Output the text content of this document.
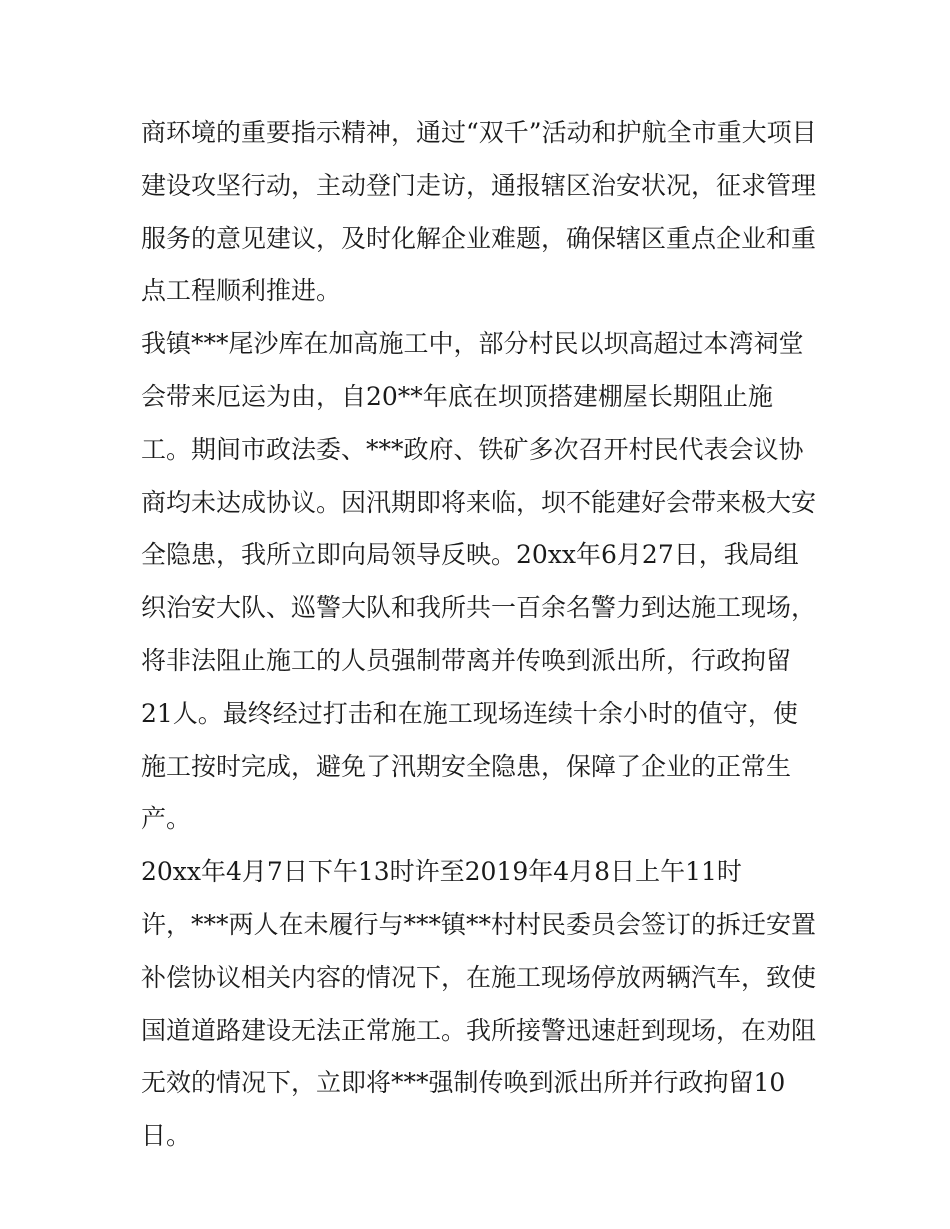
商环境的重要指示精神，通过“双千”活动和护航全市重大项目
建设攻坚行动，主动登门走访，通报辖区治安状况，征求管理
服务的意见建议，及时化解企业难题，确保辖区重点企业和重
点工程顺利推进。
我镇***尾沙库在加高施工中，部分村民以坝高超过本湾祠堂
会带来厄运为由，自20**年底在坝顶搭建棚屋长期阻止施
工。期间市政法委、***政府、铁矿多次召开村民代表会议协
商均未达成协议。因汛期即将来临，坝不能建好会带来极大安
全隐患，我所立即向局领导反映。20xx年6月27日，我局组
织治安大队、巡警大队和我所共一百余名警力到达施工现场，
将非法阻止施工的人员强制带离并传唤到派出所，行政拘留
21人。最终经过打击和在施工现场连续十余小时的值守，使
施工按时完成，避免了汛期安全隐患，保障了企业的正常生
产。
20xx年4月7日下午13时许至2019年4月8日上午11时
许，***两人在未履行与***镇**村村民委员会签订的拆迁安置
补偿协议相关内容的情况下，在施工现场停放两辆汽车，致使
国道道路建设无法正常施工。我所接警迅速赶到现场，在劝阻
无效的情况下，立即将***强制传唤到派出所并行政拘留10
日。
